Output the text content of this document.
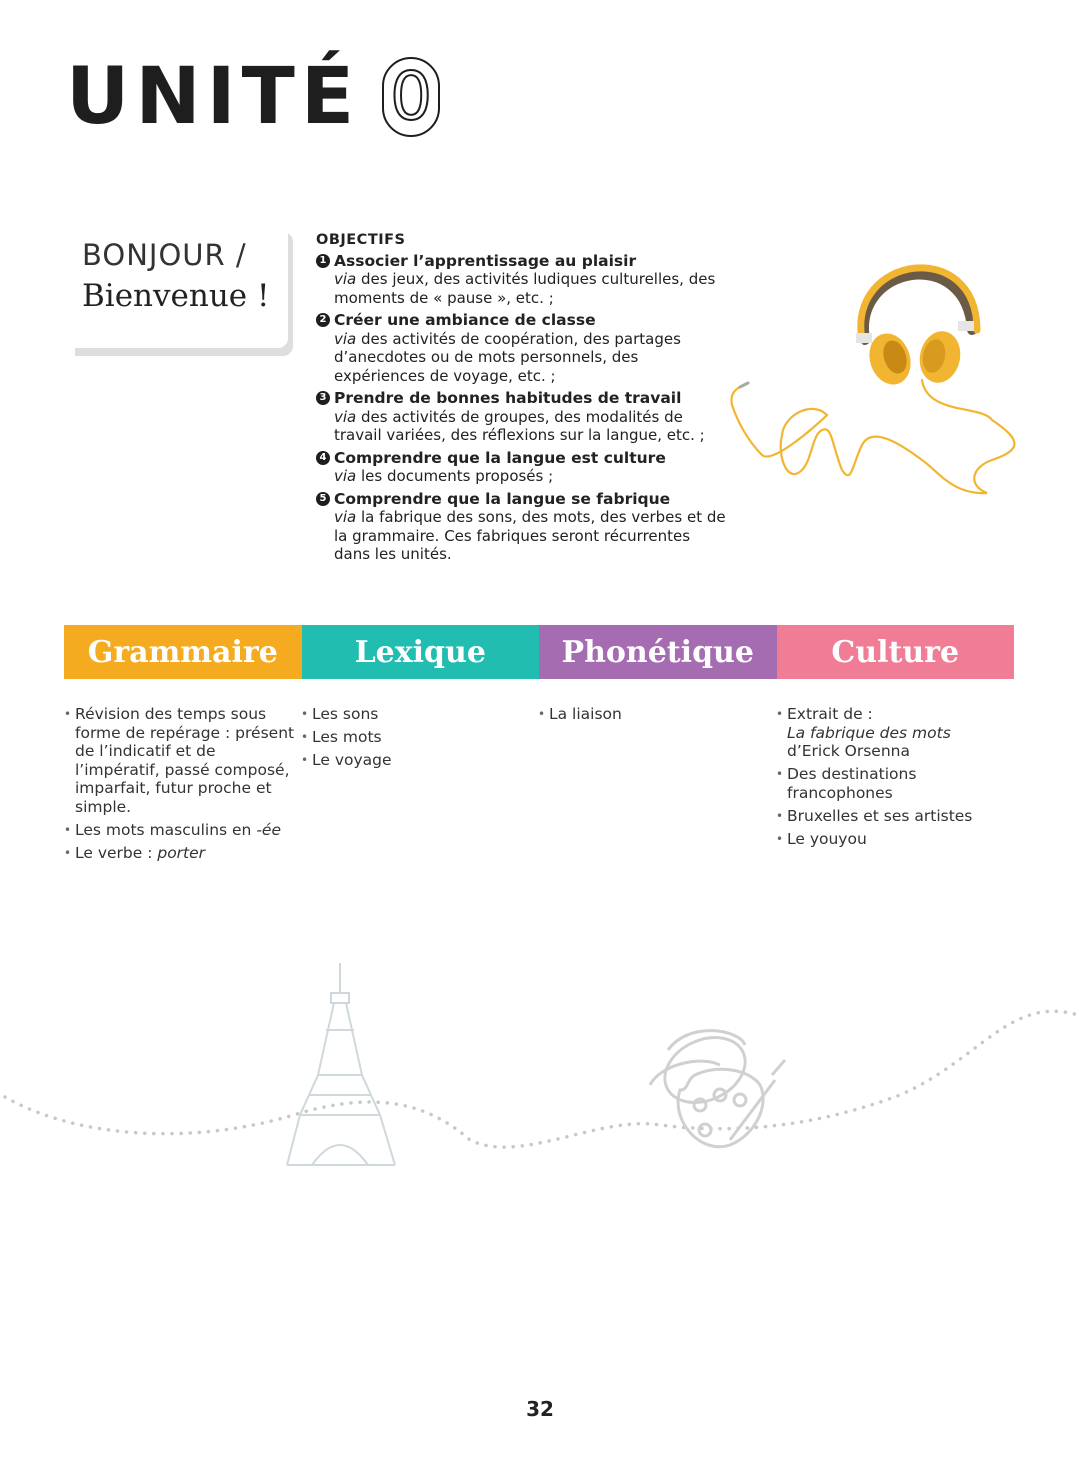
UNITÉ 0
BONJOUR /
Bienvenue !
OBJECTIFS
1 Associer l’apprentissage au plaisir
via des jeux, des activités ludiques culturelles, des moments de « pause », etc. ;
2 Créer une ambiance de classe
via des activités de coopération, des partages d’anecdotes ou de mots personnels, des expériences de voyage, etc. ;
3 Prendre de bonnes habitudes de travail
via des activités de groupes, des modalités de travail variées, des réflexions sur la langue, etc. ;
4 Comprendre que la langue est culture
via les documents proposés ;
5 Comprendre que la langue se fabrique
via la fabrique des sons, des mots, des verbes et de la grammaire. Ces fabriques seront récurrentes dans les unités.
Grammaire	Lexique	Phonétique	Culture
• Révision des temps sous forme de repérage : présent de l’indicatif et de l’impératif, passé composé, imparfait, futur proche et simple.
• Les mots masculins en -ée
• Le verbe : porter
• Les sons
• Les mots
• Le voyage
• La liaison
•	Extrait de :
La fabrique des mots
d’Erick Orsenna
• Des destinations francophones
• Bruxelles et ses artistes
• Le youyou
32
